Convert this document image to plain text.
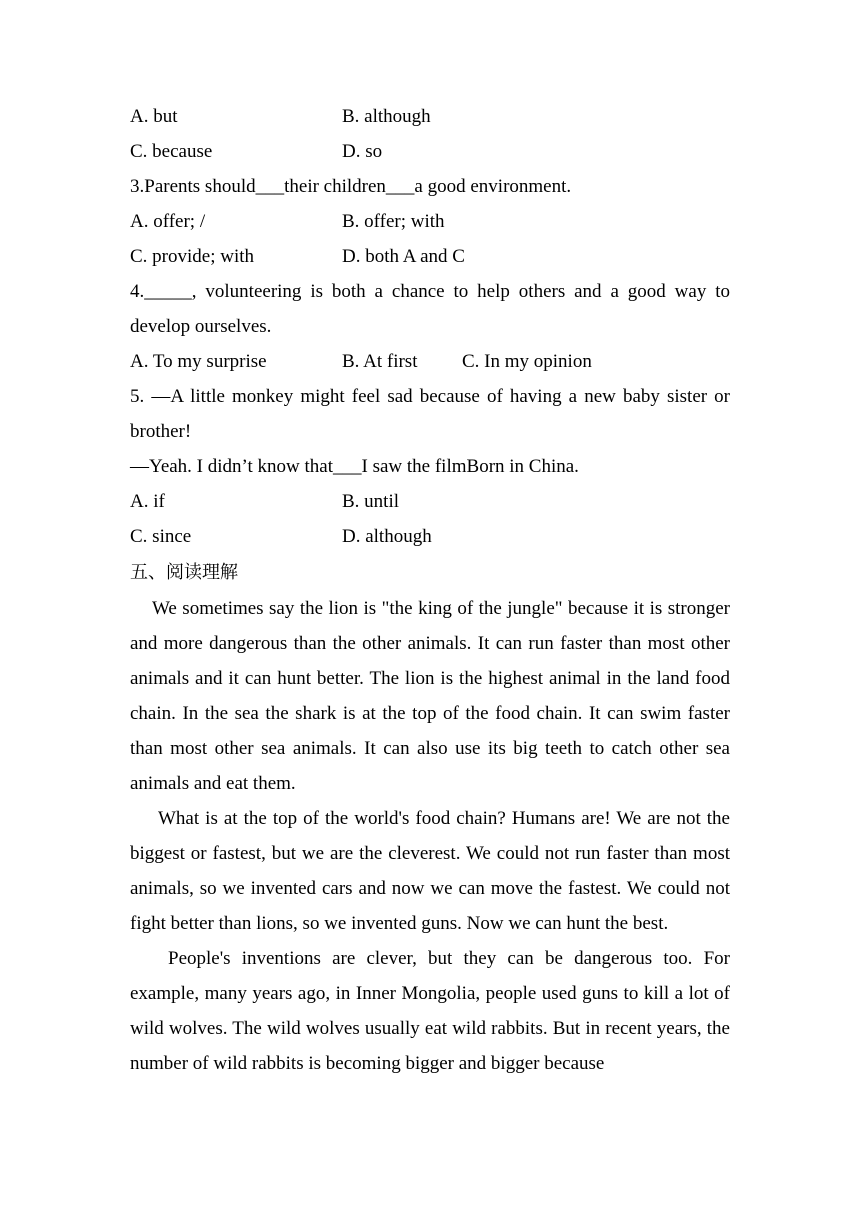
A. but	B. although
C. because	D. so
3.Parents should___their children___a good environment.
A. offer; /	B. offer; with
C. provide; with	D. both A and C
4._____, volunteering is both a chance to help others and a good way to develop ourselves.
A. To my surprise	B. At first C. In my opinion
5. —A little monkey might feel sad because of having a new baby sister or brother!
—Yeah. I didn’t know that___I saw the filmBorn in China.
A. if	B. until
C. since	D. although
五、阅读理解
We sometimes say the lion is "the king of the jungle" because it is stronger and more dangerous than the other animals. It can run faster than most other animals and it can hunt better. The lion is the highest animal in the land food chain. In the sea the shark is at the top of the food chain. It can swim faster than most other sea animals. It can also use its big teeth to catch other sea animals and eat them.
What is at the top of the world's food chain? Humans are! We are not the biggest or fastest, but we are the cleverest. We could not run faster than most animals, so we invented cars and now we can move the fastest. We could not fight better than lions, so we invented guns. Now we can hunt the best.
People's inventions are clever, but they can be dangerous too. For example, many years ago, in Inner Mongolia, people used guns to kill a lot of wild wolves. The wild wolves usually eat wild rabbits. But in recent years, the number of wild rabbits is becoming bigger and bigger because
